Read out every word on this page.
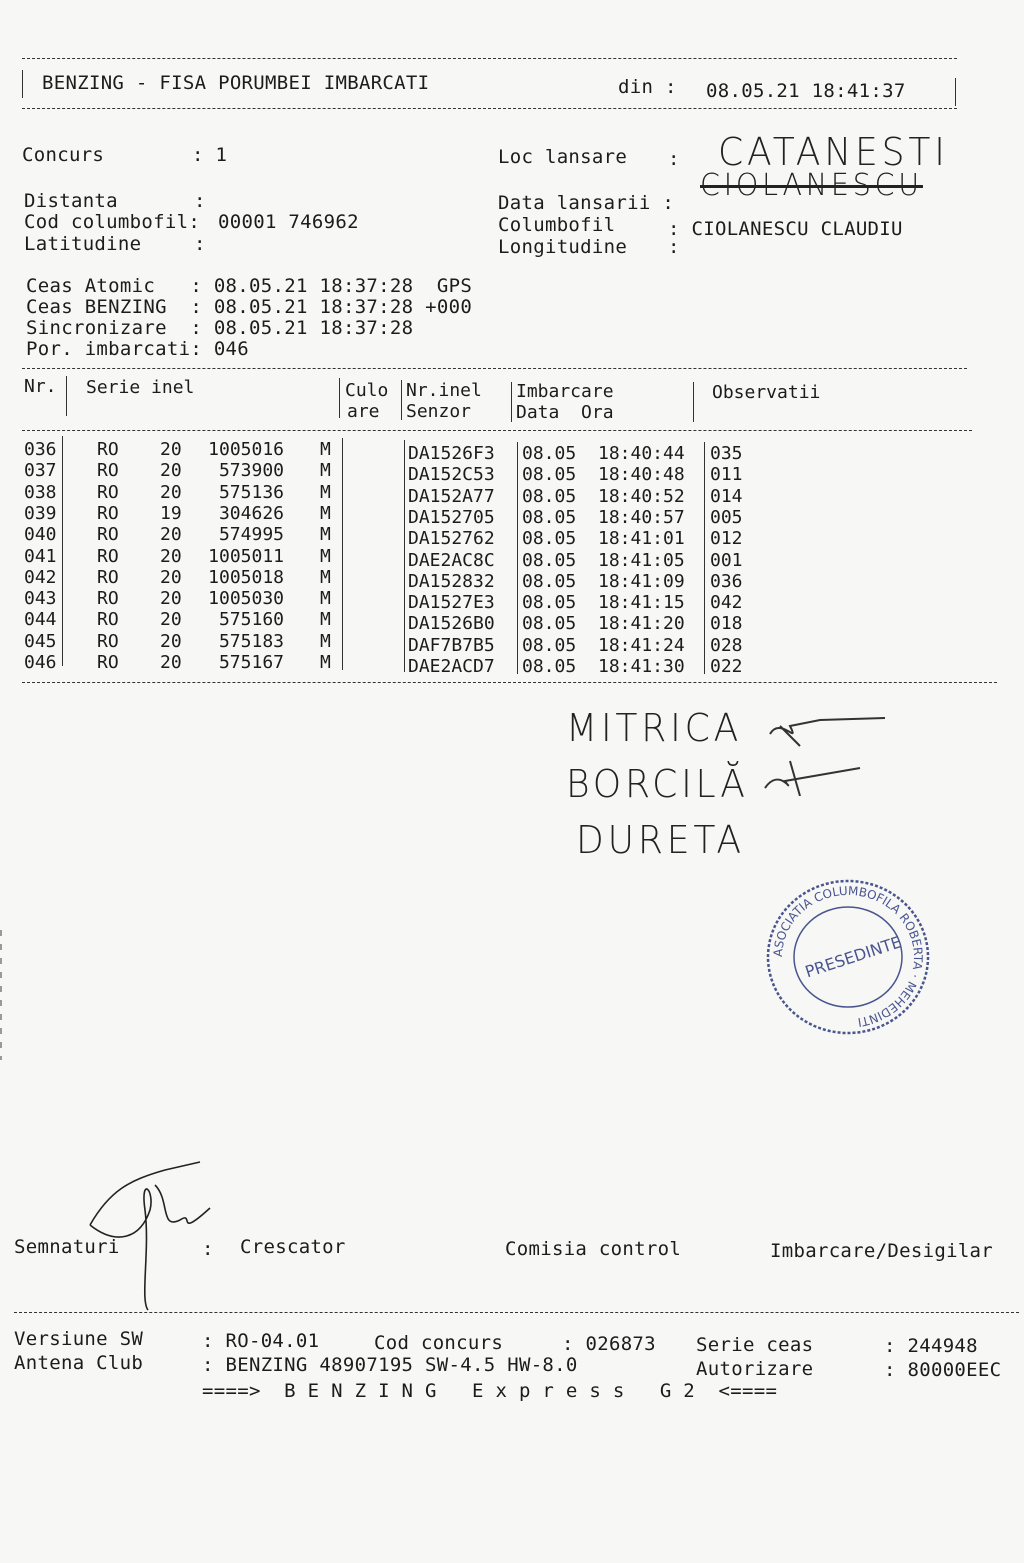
BENZING - FISA PORUMBEI IMBARCATI	din : 08.05.21 18:41:37
Concurs	: 1	Loc lansare : CATANESTI
Distanta	:	Data lansarii : CIOLANESCU
Cod columbofil: 00001 746962	Columbofil	: CIOLANESCU CLAUDIU
Latitudine	:	Longitudine :
Ceas Atomic   : 08.05.21 18:37:28  GPS
Ceas BENZING  : 08.05.21 18:37:28 +000
Sincronizare  : 08.05.21 18:37:28
Por. imbarcati: 046
Nr. Serie inel	Culo
are
Nr.inel
Senzor
Imbarcare
Data  Ora
Observatii
036 RO 20	1005016 M	DA1526F3 08.05 18:40:44 035
037 RO 20	573900 M	DA152C53 08.05 18:40:48 011
038 RO 20	575136 M	DA152A77 08.05 18:40:52 014
039 RO 19	304626 M	DA152705 08.05 18:40:57 005
040 RO 20	574995 M	DA152762 08.05 18:41:01 012
041 RO 20	1005011 M	DAE2AC8C 08.05 18:41:05 001
042 RO 20	1005018 M	DA152832 08.05 18:41:09 036
043 RO 20	1005030 M	DA1527E3 08.05 18:41:15 042
044 RO 20	575160 M	DA1526B0 08.05 18:41:20 018
045 RO 20	575183 M	DAF7B7B5 08.05 18:41:24 028
046 RO 20	575167 M	DAE2ACD7 08.05 18:41:30 022
MITRICA
BORCILĂ
DURETA
ASOCIATIA COLUMBOFILA ROBERTA · MEHEDINTI
PRESEDINTE
Semnaturi	: Crescator	Comisia control	Imbarcare/Desigilar
Versiune SW	: RO-04.01	Cod concurs	: 026873 Serie ceas	: 244948
Antena Club	: BENZING 48907195 SW-4.5 HW-8.0	Autorizare	: 80000EEC
====>  B E N Z I N G   E x p r e s s   G 2  <====
